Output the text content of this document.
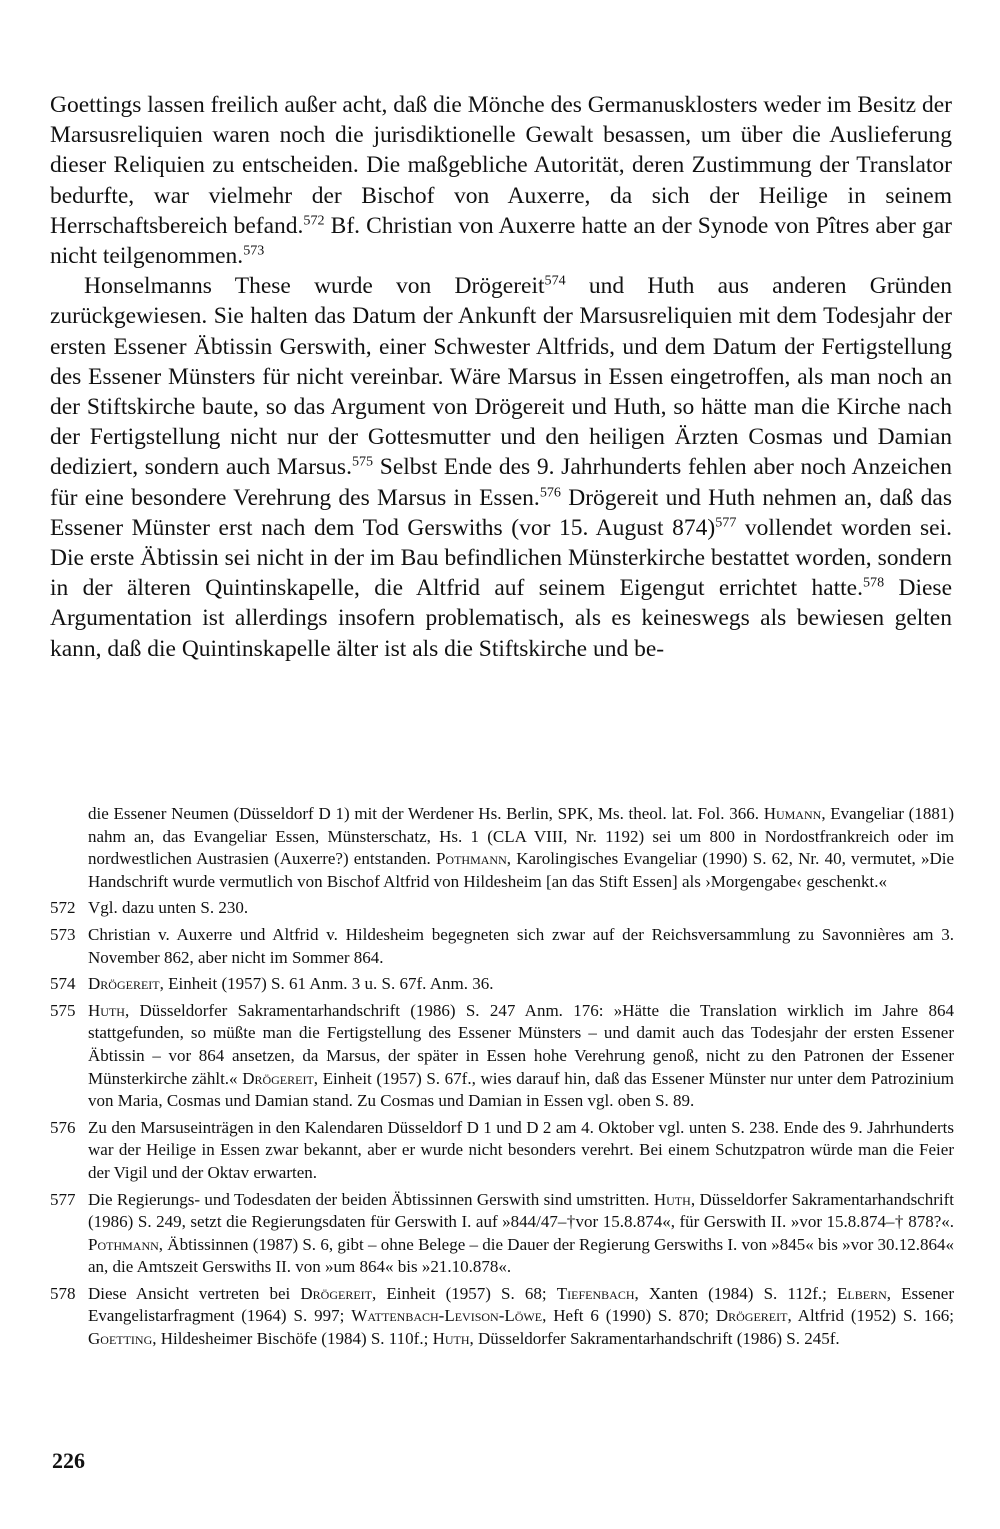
Goettings lassen freilich außer acht, daß die Mönche des Germanusklosters weder im Besitz der Marsusreliquien waren noch die jurisdiktionelle Gewalt besassen, um über die Auslieferung dieser Reliquien zu entscheiden. Die maßgebliche Autorität, deren Zustimmung der Translator bedurfte, war vielmehr der Bischof von Auxerre, da sich der Heilige in seinem Herrschaftsbereich befand.$^{572}$ Bf. Christian von Auxerre hatte an der Synode von Pîtres aber gar nicht teilgenommen.$^{573}$

Honselmanns These wurde von Drögereit$^{574}$ und Huth aus anderen Gründen zurückgewiesen. Sie halten das Datum der Ankunft der Marsusreliquien mit dem Todesjahr der ersten Essener Äbtissin Gerswith, einer Schwester Altfrids, und dem Datum der Fertigstellung des Essener Münsters für nicht vereinbar. Wäre Marsus in Essen eingetroffen, als man noch an der Stiftskirche baute, so das Argument von Drögereit und Huth, so hätte man die Kirche nach der Fertigstellung nicht nur der Gottesmutter und den heiligen Ärzten Cosmas und Damian dediziert, sondern auch Marsus.$^{575}$ Selbst Ende des 9. Jahrhunderts fehlen aber noch Anzeichen für eine besondere Verehrung des Marsus in Essen.$^{576}$ Drögereit und Huth nehmen an, daß das Essener Münster erst nach dem Tod Gerswiths (vor 15. August 874)$^{577}$ vollendet worden sei. Die erste Äbtissin sei nicht in der im Bau befindlichen Münsterkirche bestattet worden, sondern in der älteren Quintinskapelle, die Altfrid auf seinem Eigengut errichtet hatte.$^{578}$ Diese Argumentation ist allerdings insofern problematisch, als es keineswegs als bewiesen gelten kann, daß die Quintinskapelle älter ist als die Stiftskirche und be-

die Essener Neumen (Düsseldorf D 1) mit der Werdener Hs. Berlin, SPK, Ms. theol. lat. Fol. 366. Humann, Evangeliar (1881) nahm an, das Evangeliar Essen, Münsterschatz, Hs. 1 (CLA VIII, Nr. 1192) sei um 800 in Nordostfrankreich oder im nordwestlichen Austrasien (Auxerre?) entstanden. Pothmann, Karolingisches Evangeliar (1990) S. 62, Nr. 40, vermutet, »Die Handschrift wurde vermutlich von Bischof Altfrid von Hildesheim [an das Stift Essen] als ›Morgengabe‹ geschenkt.«
572 Vgl. dazu unten S. 230.
573 Christian v. Auxerre und Altfrid v. Hildesheim begegneten sich zwar auf der Reichsversammlung zu Savonnières am 3. November 862, aber nicht im Sommer 864.
574 Drögereit, Einheit (1957) S. 61 Anm. 3 u. S. 67f. Anm. 36.
575 Huth, Düsseldorfer Sakramentarhandschrift (1986) S. 247 Anm. 176: »Hätte die Translation wirklich im Jahre 864 stattgefunden, so müßte man die Fertigstellung des Essener Münsters – und damit auch das Todesjahr der ersten Essener Äbtissin – vor 864 ansetzen, da Marsus, der später in Essen hohe Verehrung genoß, nicht zu den Patronen der Essener Münsterkirche zählt.« Drögereit, Einheit (1957) S. 67f., wies darauf hin, daß das Essener Münster nur unter dem Patrozinium von Maria, Cosmas und Damian stand. Zu Cosmas und Damian in Essen vgl. oben S. 89.
576 Zu den Marsuseinträgen in den Kalendaren Düsseldorf D 1 und D 2 am 4. Oktober vgl. unten S. 238. Ende des 9. Jahrhunderts war der Heilige in Essen zwar bekannt, aber er wurde nicht besonders verehrt. Bei einem Schutzpatron würde man die Feier der Vigil und der Oktav erwarten.
577 Die Regierungs- und Todesdaten der beiden Äbtissinnen Gerswith sind umstritten. Huth, Düsseldorfer Sakramentarhandschrift (1986) S. 249, setzt die Regierungsdaten für Gerswith I. auf »844/47–†vor 15.8.874«, für Gerswith II. »vor 15.8.874–† 878?«. Pothmann, Äbtissinnen (1987) S. 6, gibt – ohne Belege – die Dauer der Regierung Gerswiths I. von »845« bis »vor 30.12.864« an, die Amtszeit Gerswiths II. von »um 864« bis »21.10.878«.
578 Diese Ansicht vertreten bei Drögereit, Einheit (1957) S. 68; Tiefenbach, Xanten (1984) S. 112f.; Elbern, Essener Evangelistarfragment (1964) S. 997; Wattenbach-Levison-Löwe, Heft 6 (1990) S. 870; Drögereit, Altfrid (1952) S. 166; Goetting, Hildesheimer Bischöfe (1984) S. 110f.; Huth, Düsseldorfer Sakramentarhandschrift (1986) S. 245f.
226
